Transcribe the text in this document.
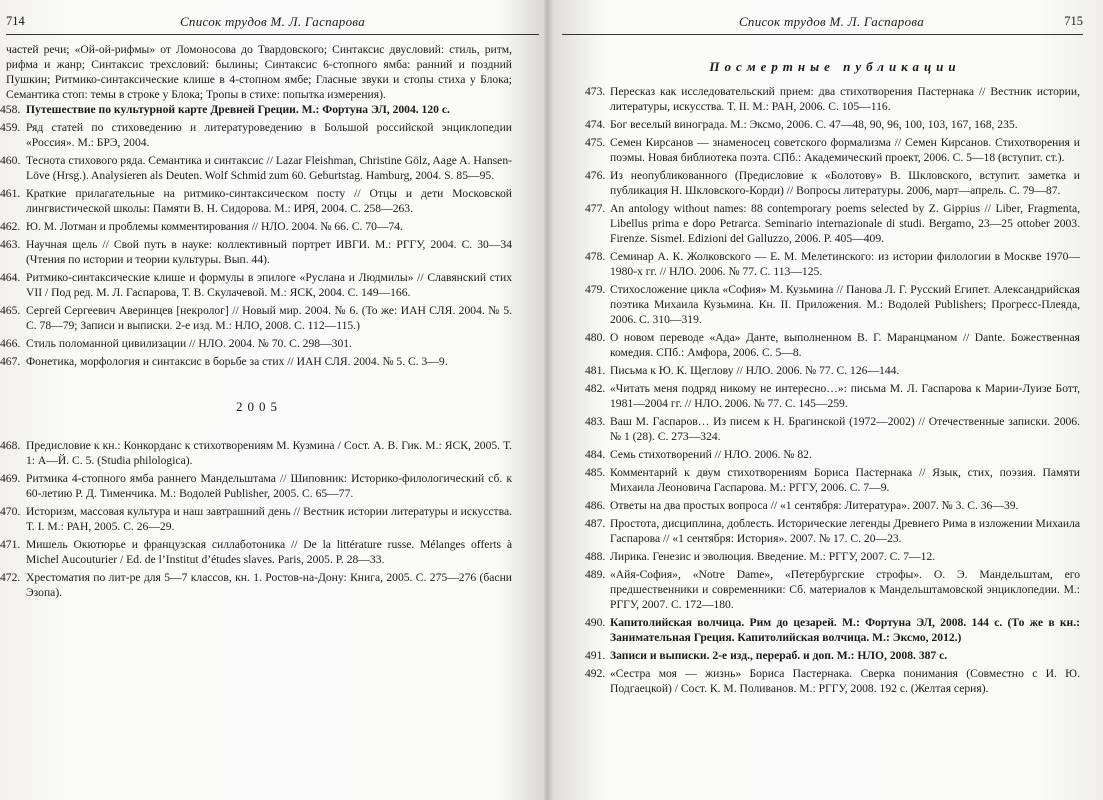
714	Список трудов М. Л. Гаспарова

частей речи; «Ой-ой-рифмы» от Ломоносова до Твардовского; Синтаксис двусловий: стиль, ритм, рифма и жанр; Синтаксис трехсловий: былины; Синтаксис 6-стопного ямба: ранний и поздний Пушкин; Ритмико-синтаксические клише в 4-стопном ямбе; Гласные звуки и стопы стиха у Блока; Семантика стоп: темы в строке у Блока; Тропы в стихе: попытка измерения).

458. Путешествие по культурной карте Древней Греции. М.: Фортуна ЭЛ, 2004. 120 с.
459. Ряд статей по стиховедению и литературоведению в Большой российской энциклопедии «Россия». М.: БРЭ, 2004.
460. Теснота стихового ряда. Семантика и синтаксис // Lazar Fleishman, Christine Gölz, Aage A. Hansen-Löve (Hrsg.). Analysieren als Deuten. Wolf Schmid zum 60. Geburtstag. Hamburg, 2004. S. 85—95.
461. Краткие прилагательные на ритмико-синтаксическом посту // Отцы и дети Московской лингвистической школы: Памяти В. Н. Сидорова. М.: ИРЯ, 2004. С. 258—263.
462. Ю. М. Лотман и проблемы комментирования // НЛО. 2004. № 66. С. 70—74.
463. Научная щель // Свой путь в науке: коллективный портрет ИВГИ. М.: РГГУ, 2004. С. 30—34 (Чтения по истории и теории культуры. Вып. 44).
464. Ритмико-синтаксические клише и формулы в эпилоге «Руслана и Людмилы» // Славянский стих VII / Под ред. М. Л. Гаспарова, Т. В. Скулачевой. М.: ЯСК, 2004. С. 149—166.
465. Сергей Сергеевич Аверинцев [некролог] // Новый мир. 2004. № 6. (То же: ИАН СЛЯ. 2004. № 5. С. 78—79; Записи и выписки. 2-е изд. М.: НЛО, 2008. С. 112—115.)
466. Стиль поломанной цивилизации // НЛО. 2004. № 70. С. 298—301.
467. Фонетика, морфология и синтаксис в борьбе за стих // ИАН СЛЯ. 2004. № 5. С. 3—9.
2005
468. Предисловие к кн.: Конкорданс к стихотворениям М. Кузмина / Сост. А. В. Гик. М.: ЯСК, 2005. Т. 1: А—Й. С. 5. (Studia philologica).
469. Ритмика 4-стопного ямба раннего Мандельштама // Шиповник: Историко-филологический сб. к 60-летию Р. Д. Тименчика. М.: Водолей Publisher, 2005. С. 65—77.
470. Историзм, массовая культура и наш завтрашний день // Вестник истории литературы и искусства. Т. I. М.: РАН, 2005. С. 26—29.
471. Мишель Окютюрье и французская силлаботоника // De la littérature russe. Mélanges offerts à Michel Aucouturier / Ed. de l’Institut d’études slaves. Paris, 2005. P. 28—33.
472. Хрестоматия по лит-ре для 5—7 классов, кн. 1. Ростов-на-Дону: Книга, 2005. С. 275—276 (басни Эзопа).
Список трудов М. Л. Гаспарова	715
Посмертные публикации
473. Пересказ как исследовательский прием: два стихотворения Пастернака // Вестник истории, литературы, искусства. Т. II. М.: РАН, 2006. С. 105—116.
474. Бог веселый винограда. М.: Эксмо, 2006. С. 47—48, 90, 96, 100, 103, 167, 168, 235.
475. Семен Кирсанов — знаменосец советского формализма // Семен Кирсанов. Стихотворения и поэмы. Новая библиотека поэта. СПб.: Академический проект, 2006. С. 5—18 (вступит. ст.).
476. Из неопубликованного (Предисловие к «Болотову» В. Шкловского, вступит. заметка и публикация Н. Шкловского-Корди) // Вопросы литературы. 2006, март—апрель. С. 79—87.
477. An antology without names: 88 contemporary poems selected by Z. Gippius // Liber, Fragmenta, Libellus prima e dopo Petrarca. Seminario internazionale di studi. Bergamo, 23—25 ottober 2003. Firenze. Sismel. Edizioni del Galluzzo, 2006. P. 405—409.
478. Семинар А. К. Жолковского — Е. М. Мелетинского: из истории филологии в Москве 1970—1980-х гг. // НЛО. 2006. № 77. С. 113—125.
479. Стихосложение цикла «София» М. Кузьмина // Панова Л. Г. Русский Египет. Александрийская поэтика Михаила Кузьмина. Кн. II. Приложения. М.: Водолей Publishers; Прогресс-Плеяда, 2006. С. 310—319.
480. О новом переводе «Ада» Данте, выполненном В. Г. Маранцманом // Dante. Божественная комедия. СПб.: Амфора, 2006. С. 5—8.
481. Письма к Ю. К. Щеглову // НЛО. 2006. № 77. С. 126—144.
482. «Читать меня подряд никому не интересно…»: письма М. Л. Гаспарова к Марии-Луизе Ботт, 1981—2004 гг. // НЛО. 2006. № 77. С. 145—259.
483. Ваш М. Гаспаров… Из писем к Н. Брагинской (1972—2002) // Отечественные записки. 2006. № 1 (28). С. 273—324.
484. Семь стихотворений // НЛО. 2006. № 82.
485. Комментарий к двум стихотворениям Бориса Пастернака // Язык, стих, поэзия. Памяти Михаила Леоновича Гаспарова. М.: РГГУ, 2006. С. 7—9.
486. Ответы на два простых вопроса // «1 сентября: Литература». 2007. № 3. С. 36—39.
487. Простота, дисциплина, доблесть. Исторические легенды Древнего Рима в изложении Михаила Гаспарова // «1 сентября: История». 2007. № 17. С. 20—23.
488. Лирика. Генезис и эволюция. Введение. М.: РГГУ, 2007. С. 7—12.
489. «Айя-София», «Notre Dame», «Петербургские строфы». О. Э. Мандельштам, его предшественники и современники: Сб. материалов к Мандельштамовской энциклопедии. М.: РГГУ, 2007. С. 172—180.
490. Капитолийская волчица. Рим до цезарей. М.: Фортуна ЭЛ, 2008. 144 с. (То же в кн.: Занимательная Греция. Капитолийская волчица. М.: Эксмо, 2012.)
491. Записи и выписки. 2-е изд., перераб. и доп. М.: НЛО, 2008. 387 с.
492. «Сестра моя — жизнь» Бориса Пастернака. Сверка понимания (Совместно с И. Ю. Подгаецкой) / Сост. К. М. Поливанов. М.: РГГУ, 2008. 192 с. (Желтая серия).
